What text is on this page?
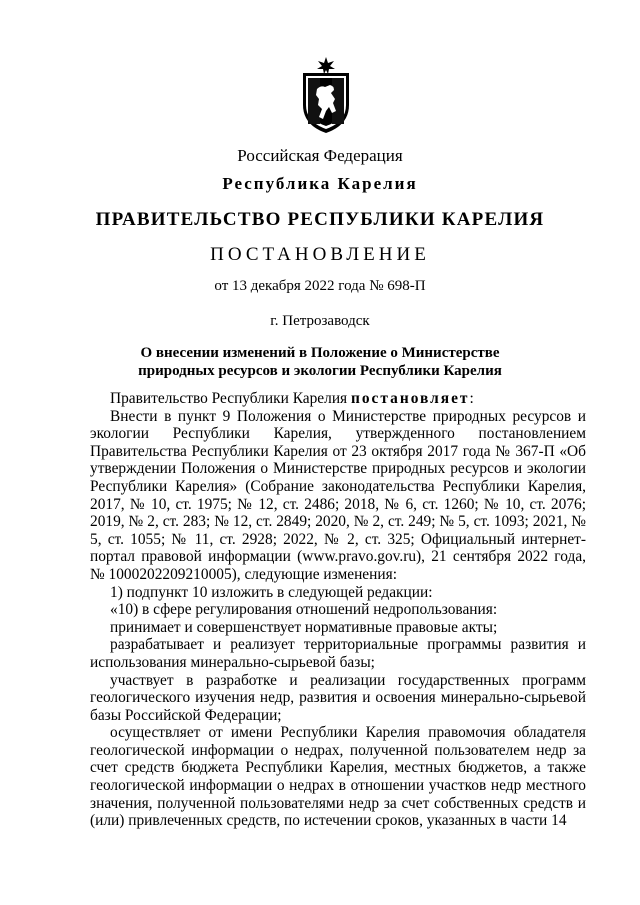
Российская Федерация
Республика Карелия
ПРАВИТЕЛЬСТВО РЕСПУБЛИКИ КАРЕЛИЯ
ПОСТАНОВЛЕНИЕ
от 13 декабря 2022 года № 698-П
г. Петрозаводск
О внесении изменений в Положение о Министерстве
природных ресурсов и экологии Республики Карелия

Правительство Республики Карелия постановляет:

Внести в пункт 9 Положения о Министерстве природных ресурсов и экологии Республики Карелия, утвержденного постановлением Правительства Республики Карелия от 23 октября 2017 года № 367-П «Об утверждении Положения о Министерстве природных ресурсов и экологии Республики Карелия» (Собрание законодательства Республики Карелия, 2017, № 10, ст. 1975; № 12, ст. 2486; 2018, № 6, ст. 1260; № 10, ст. 2076; 2019, № 2, ст. 283; № 12, ст. 2849; 2020, № 2, ст. 249; № 5, ст. 1093; 2021, № 5, ст. 1055; № 11, ст. 2928; 2022, № 2, ст. 325; Официальный интернет-портал правовой информации (www.pravo.gov.ru), 21 сентября 2022 года, № 1000202209210005), следующие изменения:

1) подпункт 10 изложить в следующей редакции:

«10) в сфере регулирования отношений недропользования:

принимает и совершенствует нормативные правовые акты;

разрабатывает и реализует территориальные программы развития и использования минерально-сырьевой базы;

участвует в разработке и реализации государственных программ геологического изучения недр, развития и освоения минерально-сырьевой базы Российской Федерации;

осуществляет от имени Республики Карелия правомочия обладателя геологической информации о недрах, полученной пользователем недр за счет средств бюджета Республики Карелия, местных бюджетов, а также геологической информации о недрах в отношении участков недр местного значения, полученной пользователями недр за счет собственных средств и (или) привлеченных средств, по истечении сроков, указанных в части 14
